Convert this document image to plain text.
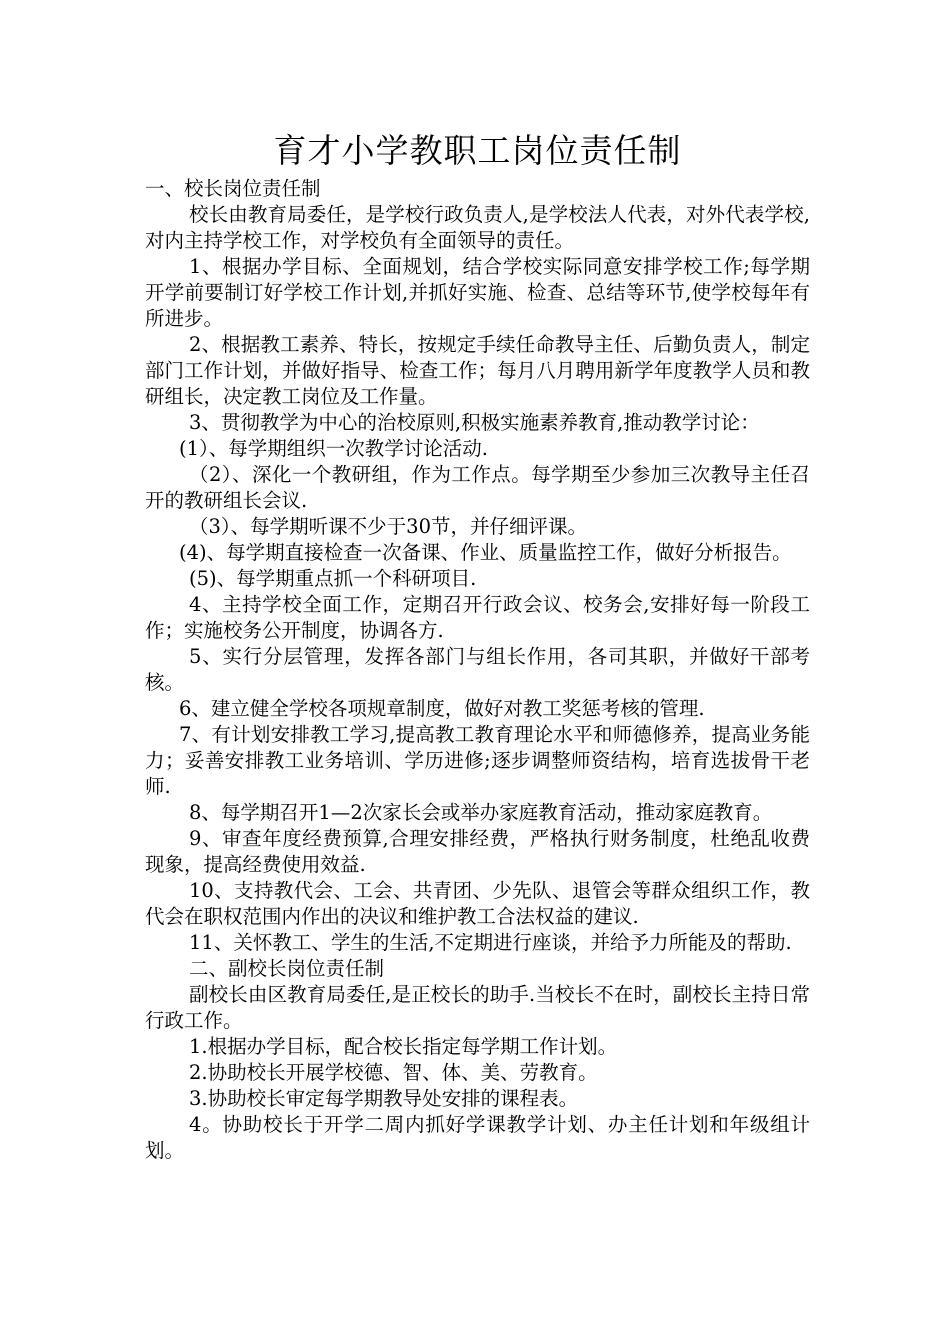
育才小学教职工岗位责任制

一、校长岗位责任制

校长由教育局委任，是学校行政负责人,是学校法人代表，对外代表学校,对内主持学校工作，对学校负有全面领导的责任。

1、根据办学目标、全面规划，结合学校实际同意安排学校工作;每学期开学前要制订好学校工作计划,并抓好实施、检查、总结等环节,使学校每年有所进步。

2、根据教工素养、特长，按规定手续任命教导主任、后勤负责人，制定部门工作计划，并做好指导、检查工作；每月八月聘用新学年度教学人员和教研组长，决定教工岗位及工作量。

3、贯彻教学为中心的治校原则,积极实施素养教育,推动教学讨论：

(1）、每学期组织一次教学讨论活动.

（2）、深化一个教研组，作为工作点。每学期至少参加三次教导主任召开的教研组长会议.

（3）、每学期听课不少于30节，并仔细评课。

(4)、每学期直接检查一次备课、作业、质量监控工作，做好分析报告。

(5)、每学期重点抓一个科研项目.

4、主持学校全面工作，定期召开行政会议、校务会,安排好每一阶段工作；实施校务公开制度，协调各方.

5、实行分层管理，发挥各部门与组长作用，各司其职，并做好干部考核。

6、建立健全学校各项规章制度，做好对教工奖惩考核的管理.

7、有计划安排教工学习,提高教工教育理论水平和师德修养，提高业务能力；妥善安排教工业务培训、学历进修;逐步调整师资结构，培育选拔骨干老师.

8、每学期召开1—2次家长会或举办家庭教育活动，推动家庭教育。

9、审查年度经费预算,合理安排经费，严格执行财务制度，杜绝乱收费现象，提高经费使用效益.

10、支持教代会、工会、共青团、少先队、退管会等群众组织工作，教代会在职权范围内作出的决议和维护教工合法权益的建议.

11、关怀教工、学生的生活,不定期进行座谈，并给予力所能及的帮助.

二、副校长岗位责任制

副校长由区教育局委任,是正校长的助手.当校长不在时，副校长主持日常行政工作。

1.根据办学目标，配合校长指定每学期工作计划。

2.协助校长开展学校德、智、体、美、劳教育。

3.协助校长审定每学期教导处安排的课程表。

4。协助校长于开学二周内抓好学课教学计划、办主任计划和年级组计划。
